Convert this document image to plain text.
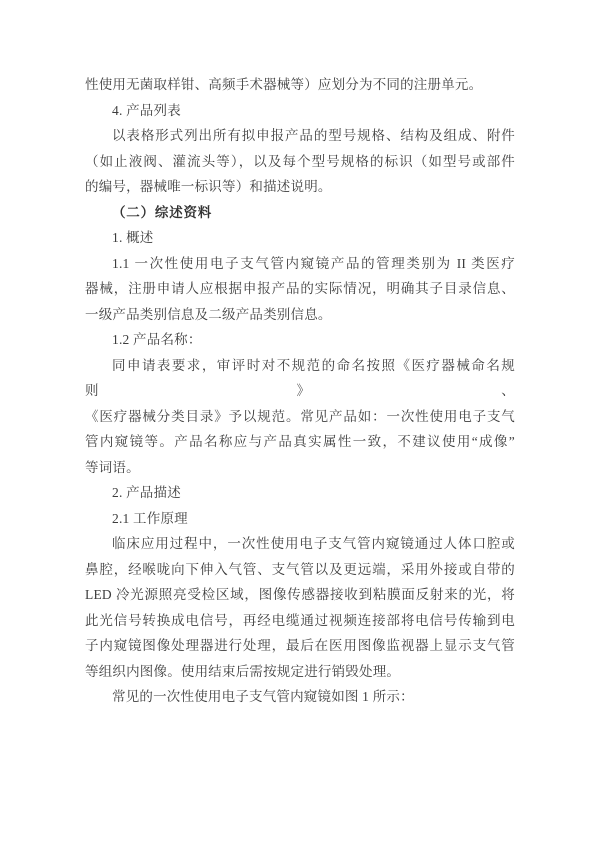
性使用无菌取样钳、高频手术器械等）应划分为不同的注册单元。
4. 产品列表
以表格形式列出所有拟申报产品的型号规格、结构及组成、附件
（如止液阀、灌流头等），以及每个型号规格的标识（如型号或部件
的编号，器械唯一标识等）和描述说明。
（二）综述资料
1. 概述
1.1 一次性使用电子支气管内窥镜产品的管理类别为 II 类医疗
器械，注册申请人应根据申报产品的实际情况，明确其子目录信息、
一级产品类别信息及二级产品类别信息。
1.2 产品名称：
同申请表要求，审评时对不规范的命名按照《医疗器械命名规则》、
《医疗器械分类目录》予以规范。常见产品如：一次性使用电子支气
管内窥镜等。产品名称应与产品真实属性一致，不建议使用“成像”
等词语。
2. 产品描述
2.1 工作原理
临床应用过程中，一次性使用电子支气管内窥镜通过人体口腔或
鼻腔，经喉咙向下伸入气管、支气管以及更远端，采用外接或自带的
LED 冷光源照亮受检区域，图像传感器接收到粘膜面反射来的光，将
此光信号转换成电信号，再经电缆通过视频连接部将电信号传输到电
子内窥镜图像处理器进行处理，最后在医用图像监视器上显示支气管
等组织内图像。使用结束后需按规定进行销毁处理。
常见的一次性使用电子支气管内窥镜如图 1 所示：
